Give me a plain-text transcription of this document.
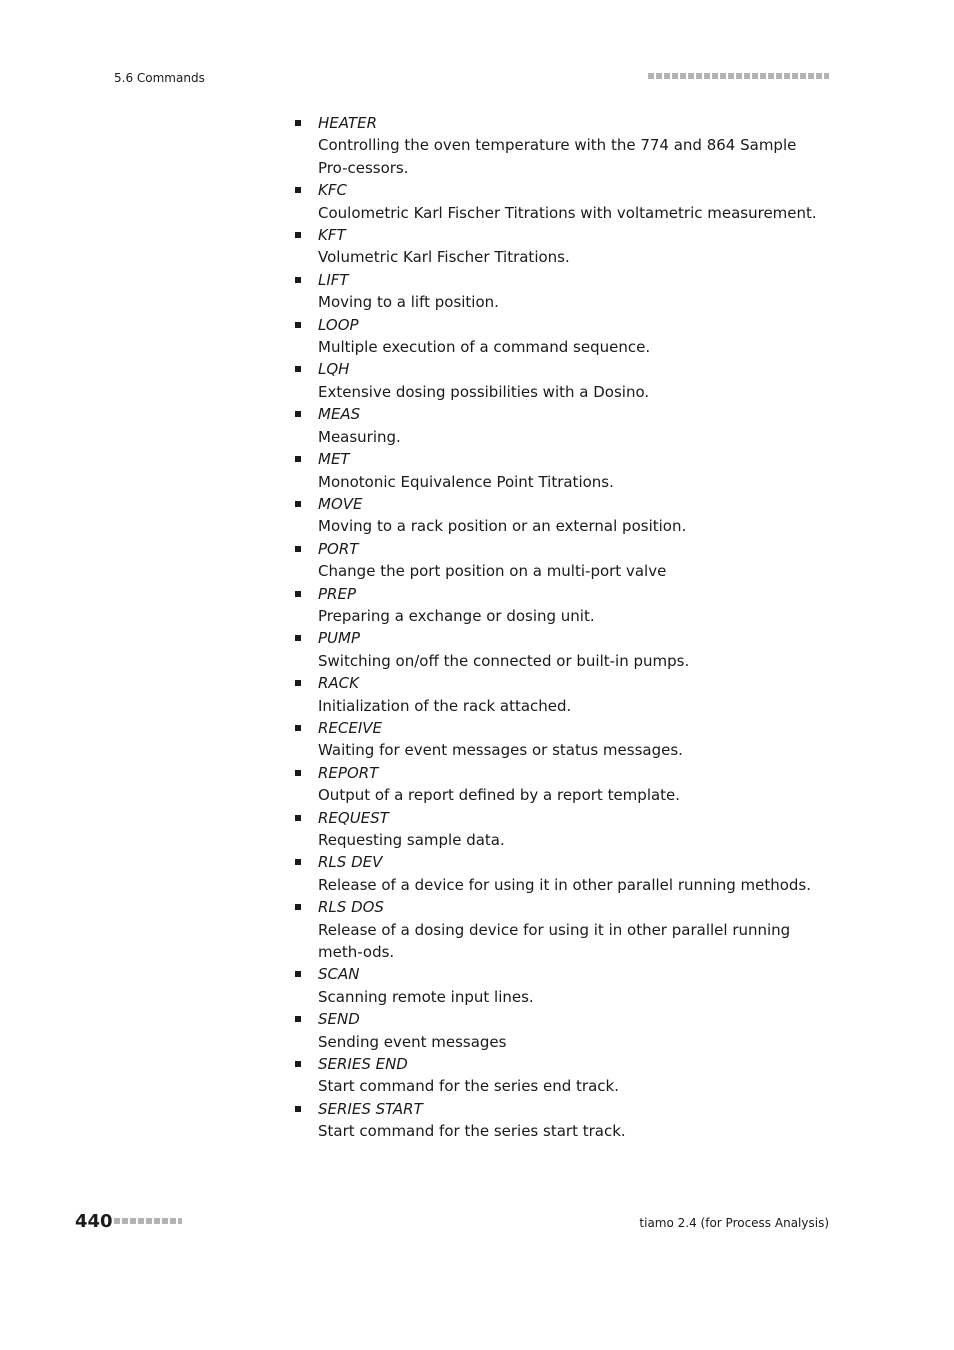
5.6 Commands
HEATER
Controlling the oven temperature with the 774 and 864 Sample Pro-cessors.
KFC
Coulometric Karl Fischer Titrations with voltametric measurement.
KFT
Volumetric Karl Fischer Titrations.
LIFT
Moving to a lift position.
LOOP
Multiple execution of a command sequence.
LQH
Extensive dosing possibilities with a Dosino.
MEAS
Measuring.
MET
Monotonic Equivalence Point Titrations.
MOVE
Moving to a rack position or an external position.
PORT
Change the port position on a multi-port valve
PREP
Preparing a exchange or dosing unit.
PUMP
Switching on/off the connected or built-in pumps.
RACK
Initialization of the rack attached.
RECEIVE
Waiting for event messages or status messages.
REPORT
Output of a report defined by a report template.
REQUEST
Requesting sample data.
RLS DEV
Release of a device for using it in other parallel running methods.
RLS DOS
Release of a dosing device for using it in other parallel running meth-ods.
SCAN
Scanning remote input lines.
SEND
Sending event messages
SERIES END
Start command for the series end track.
SERIES START
Start command for the series start track.
440	tiamo 2.4 (for Process Analysis)
